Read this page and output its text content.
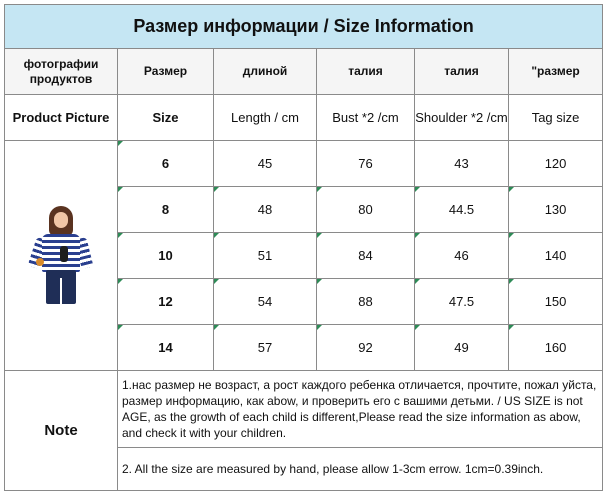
Размер информации / Size Information					
фотографии продуктов	Размер	длиной	талия	талия	"размер
Product Picture	Size	Length / cm	Bust *2 /cm	Shoulder *2 /cm	Tag size

	6	45	76	43	120
	8	48	80	44.5	130
	10	51	84	46	140
	12	54	88	47.5	150
	14	57	92	49	160
Note	1.нас размер не возраст, а рост каждого ребенка отличается, прочтите, пожал уйста, размер информацию, как abow, и проверить его с вашими детьми. / US SIZE is not AGE, as the growth of each child is different,Please read the size information as abow, and check it with your children.				
	2. All the size are measured by hand, please allow 1-3cm errow. 1cm=0.39inch.				
